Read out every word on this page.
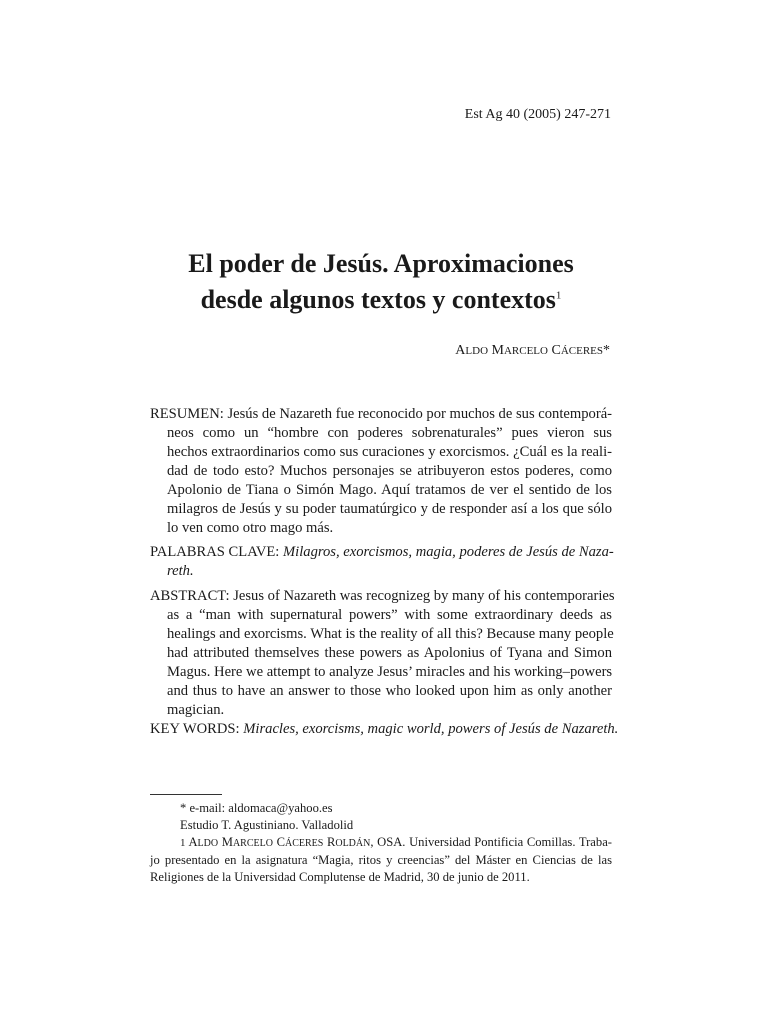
Est Ag 40 (2005) 247-271
El poder de Jesús. Aproximaciones
desde algunos textos y contextos$^1$
ALDO MARCELO CÁCERES*
RESUMEN: Jesús de Nazareth fue reconocido por muchos de sus contemporá-
neos como un “hombre con poderes sobrenaturales” pues vieron sus
hechos extraordinarios como sus curaciones y exorcismos. ¿Cuál es la reali-
dad de todo esto? Muchos personajes se atribuyeron estos poderes, como
Apolonio de Tiana o Simón Mago. Aquí tratamos de ver el sentido de los
milagros de Jesús y su poder taumatúrgico y de responder así a los que sólo
lo ven como otro mago más.
PALABRAS CLAVE: Milagros, exorcismos, magia, poderes de Jesús de Naza-
reth.
ABSTRACT: Jesus of Nazareth was recognizeg by many of his contemporaries
as a “man with supernatural powers” with some extraordinary deeds as
healings and exorcisms. What is the reality of all this? Because many people
had attributed themselves these powers as Apolonius of Tyana and Simon
Magus. Here we attempt to analyze Jesus’ miracles and his working–powers
and thus to have an answer to those who looked upon him as only another
magician.
KEY WORDS: Miracles, exorcisms, magic world, powers of Jesús de Nazareth.
* e-mail: aldomaca@yahoo.es
Estudio T. Agustiniano. Valladolid
1 ALDO MARCELO CÁCERES ROLDÁN, OSA. Universidad Pontificia Comillas. Traba-
jo presentado en la asignatura “Magia, ritos y creencias” del Máster en Ciencias de las
Religiones de la Universidad Complutense de Madrid, 30 de junio de 2011.
